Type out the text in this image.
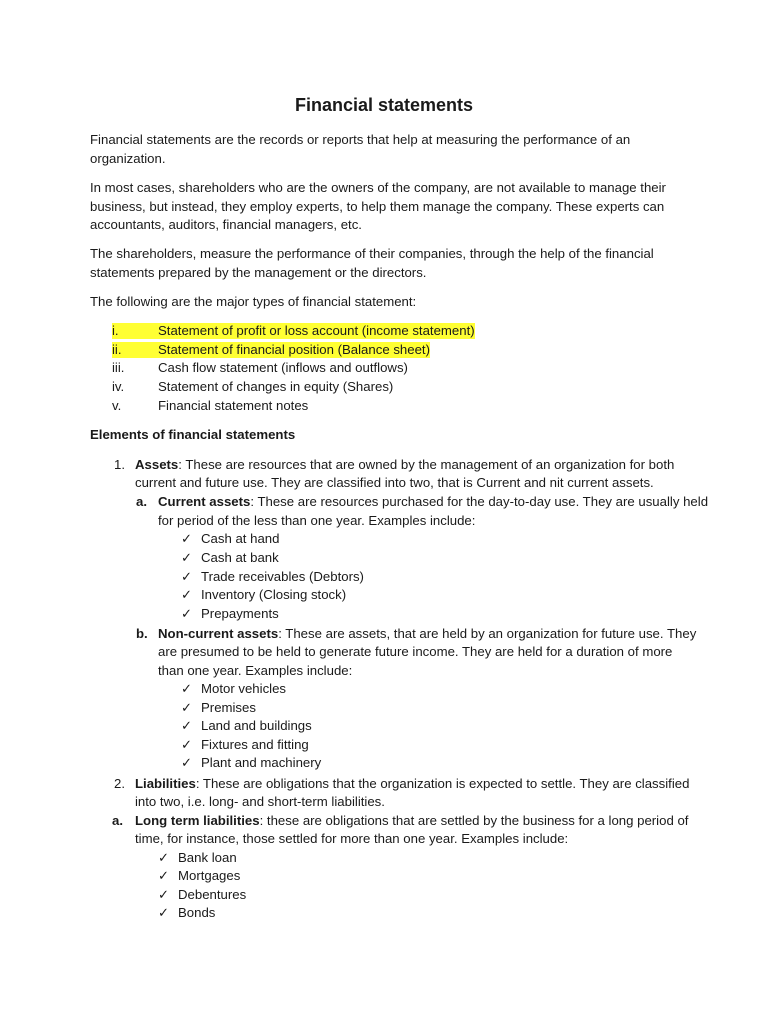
Financial statements
Financial statements are the records or reports that help at measuring the performance of an
organization.
In most cases, shareholders who are the owners of the company, are not available to manage their
business, but instead, they employ experts, to help them manage the company. These experts can
accountants, auditors, financial managers, etc.
The shareholders, measure the performance of their companies, through the help of the financial
statements prepared by the management or the directors.
The following are the major types of financial statement:
i.	Statement of profit or loss account (income statement)
ii.	Statement of financial position (Balance sheet)
iii.	Cash flow statement (inflows and outflows)
iv.	Statement of changes in equity (Shares)
v.	Financial statement notes
Elements of financial statements
1. Assets: These are resources that are owned by the management of an organization for both
current and future use. They are classified into two, that is Current and nit current assets.
a. Current assets: These are resources purchased for the day-to-day use. They are usually held
for period of the less than one year. Examples include:
✓ Cash at hand
✓ Cash at bank
✓ Trade receivables (Debtors)
✓ Inventory (Closing stock)
✓ Prepayments
b. Non-current assets: These are assets, that are held by an organization for future use. They
are presumed to be held to generate future income. They are held for a duration of more
than one year. Examples include:
✓ Motor vehicles
✓ Premises
✓ Land and buildings
✓ Fixtures and fitting
✓ Plant and machinery
2. Liabilities: These are obligations that the organization is expected to settle. They are classified
into two, i.e. long- and short-term liabilities.
a. Long term liabilities: these are obligations that are settled by the business for a long period of
time, for instance, those settled for more than one year. Examples include:
✓ Bank loan
✓ Mortgages
✓ Debentures
✓ Bonds
